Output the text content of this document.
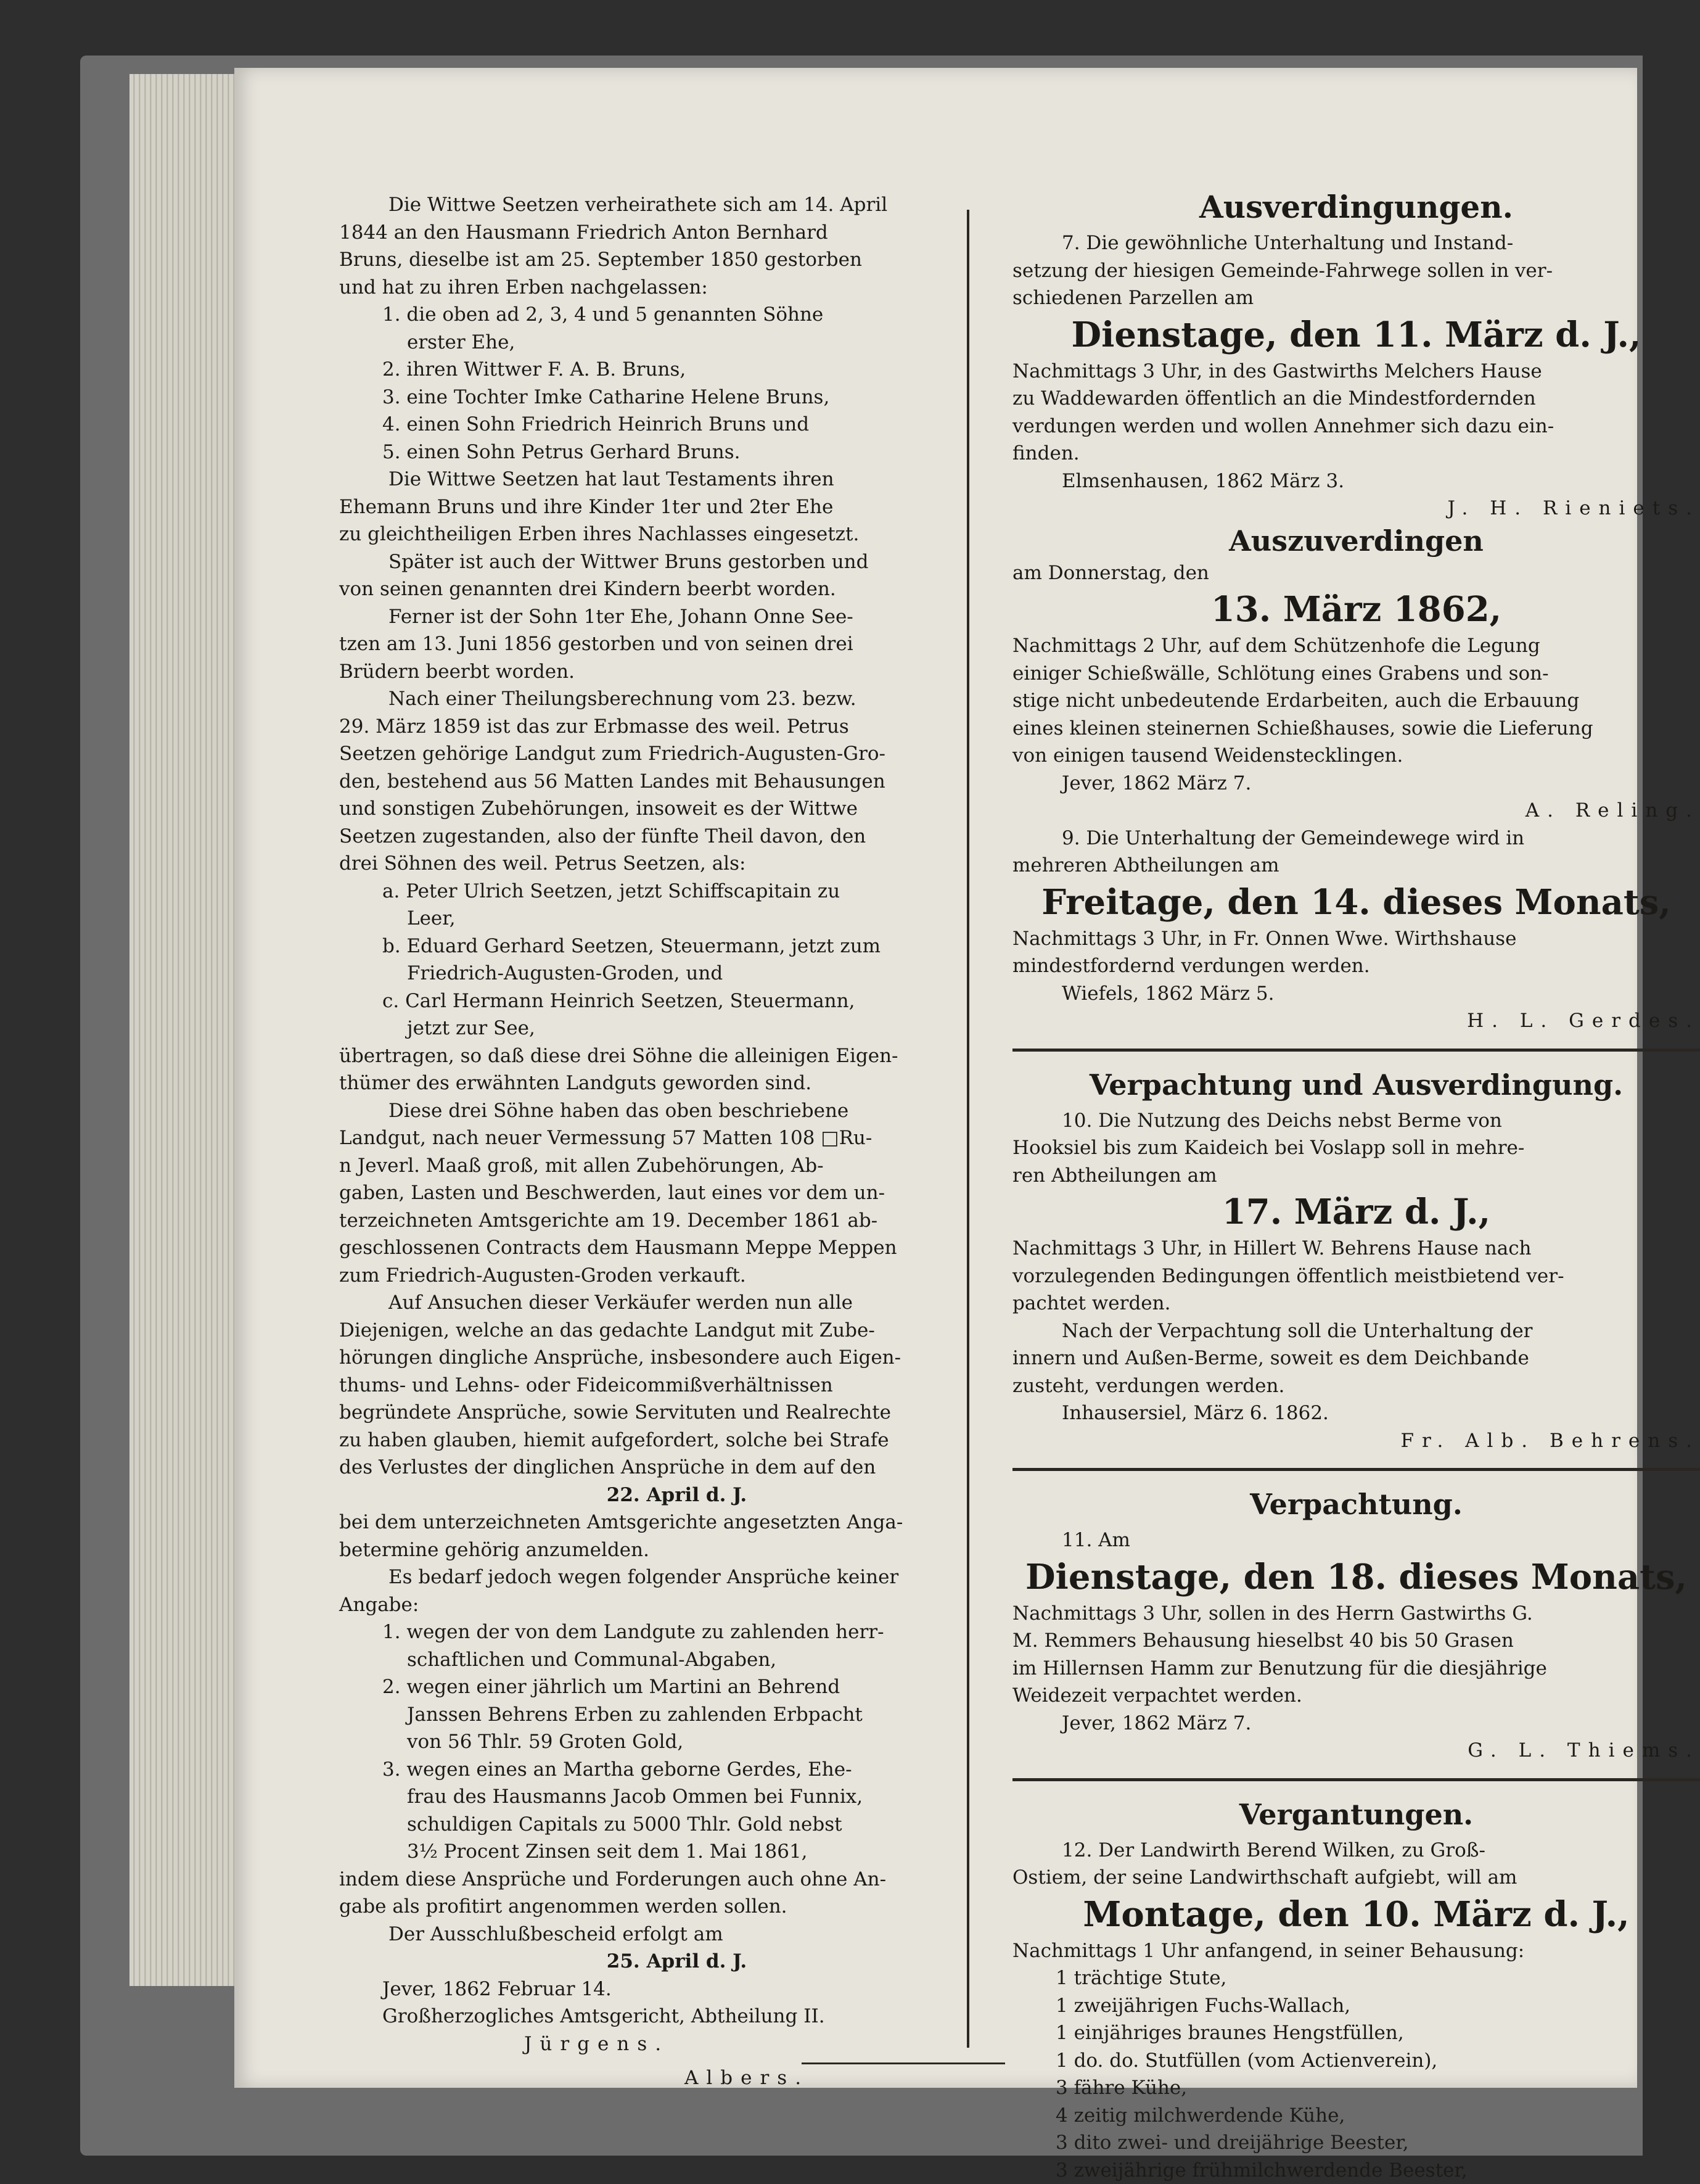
Die Wittwe Seetzen verheirathete sich am 14. April
1844 an den Hausmann Friedrich Anton Bernhard
Bruns, dieselbe ist am 25. September 1850 gestorben
und hat zu ihren Erben nachgelassen:
1. die oben ad 2, 3, 4 und 5 genannten Söhne
erster Ehe,
2. ihren Wittwer F. A. B. Bruns,
3. eine Tochter Imke Catharine Helene Bruns,
4. einen Sohn Friedrich Heinrich Bruns und
5. einen Sohn Petrus Gerhard Bruns.
Die Wittwe Seetzen hat laut Testaments ihren
Ehemann Bruns und ihre Kinder 1ter und 2ter Ehe
zu gleichtheiligen Erben ihres Nachlasses eingesetzt.
Später ist auch der Wittwer Bruns gestorben und
von seinen genannten drei Kindern beerbt worden.
Ferner ist der Sohn 1ter Ehe, Johann Onne See-
tzen am 13. Juni 1856 gestorben und von seinen drei
Brüdern beerbt worden.
Nach einer Theilungsberechnung vom 23. bezw.
29. März 1859 ist das zur Erbmasse des weil. Petrus
Seetzen gehörige Landgut zum Friedrich-Augusten-Gro-
den, bestehend aus 56 Matten Landes mit Behausungen
und sonstigen Zubehörungen, insoweit es der Wittwe
Seetzen zugestanden, also der fünfte Theil davon, den
drei Söhnen des weil. Petrus Seetzen, als:
a. Peter Ulrich Seetzen, jetzt Schiffscapitain zu
Leer,
b. Eduard Gerhard Seetzen, Steuermann, jetzt zum
Friedrich-Augusten-Groden, und
c. Carl Hermann Heinrich Seetzen, Steuermann,
jetzt zur See,
übertragen, so daß diese drei Söhne die alleinigen Eigen-
thümer des erwähnten Landguts geworden sind.
Diese drei Söhne haben das oben beschriebene
Landgut, nach neuer Vermessung 57 Matten 108 □Ru-
n Jeverl. Maaß groß, mit allen Zubehörungen, Ab-
gaben, Lasten und Beschwerden, laut eines vor dem un-
terzeichneten Amtsgerichte am 19. December 1861 ab-
geschlossenen Contracts dem Hausmann Meppe Meppen
zum Friedrich-Augusten-Groden verkauft.
Auf Ansuchen dieser Verkäufer werden nun alle
Diejenigen, welche an das gedachte Landgut mit Zube-
hörungen dingliche Ansprüche, insbesondere auch Eigen-
thums- und Lehns- oder Fideicommißverhältnissen
begründete Ansprüche, sowie Servituten und Realrechte
zu haben glauben, hiemit aufgefordert, solche bei Strafe
des Verlustes der dinglichen Ansprüche in dem auf den
22. April d. J.
bei dem unterzeichneten Amtsgerichte angesetzten Anga-
betermine gehörig anzumelden.
Es bedarf jedoch wegen folgender Ansprüche keiner
Angabe:
1. wegen der von dem Landgute zu zahlenden herr-
schaftlichen und Communal-Abgaben,
2. wegen einer jährlich um Martini an Behrend
Janssen Behrens Erben zu zahlenden Erbpacht
von 56 Thlr. 59 Groten Gold,
3. wegen eines an Martha geborne Gerdes, Ehe-
frau des Hausmanns Jacob Ommen bei Funnix,
schuldigen Capitals zu 5000 Thlr. Gold nebst
3½ Procent Zinsen seit dem 1. Mai 1861,
indem diese Ansprüche und Forderungen auch ohne An-
gabe als profitirt angenommen werden sollen.
Der Ausschlußbescheid erfolgt am
25. April d. J.
Jever, 1862 Februar 14.
Großherzogliches Amtsgericht, Abtheilung II.
Jürgens.
Albers.
Ausverdingungen.
7. Die gewöhnliche Unterhaltung und Instand-
setzung der hiesigen Gemeinde-Fahrwege sollen in ver-
schiedenen Parzellen am
Dienstage, den 11. März d. J.,
Nachmittags 3 Uhr, in des Gastwirths Melchers Hause
zu Waddewarden öffentlich an die Mindestfordernden
verdungen werden und wollen Annehmer sich dazu ein-
finden.
Elmsenhausen, 1862 März 3.
J. H. Rieniets.
Auszuverdingen
am Donnerstag, den
13. März 1862,
Nachmittags 2 Uhr, auf dem Schützenhofe die Legung
einiger Schießwälle, Schlötung eines Grabens und son-
stige nicht unbedeutende Erdarbeiten, auch die Erbauung
eines kleinen steinernen Schießhauses, sowie die Lieferung
von einigen tausend Weidenstecklingen.
Jever, 1862 März 7.
A. Reling.
9. Die Unterhaltung der Gemeindewege wird in
mehreren Abtheilungen am
Freitage, den 14. dieses Monats,
Nachmittags 3 Uhr, in Fr. Onnen Wwe. Wirthshause
mindestfordernd verdungen werden.
Wiefels, 1862 März 5.
H. L. Gerdes.
Verpachtung und Ausverdingung.
10. Die Nutzung des Deichs nebst Berme von
Hooksiel bis zum Kaideich bei Voslapp soll in mehre-
ren Abtheilungen am
17. März d. J.,
Nachmittags 3 Uhr, in Hillert W. Behrens Hause nach
vorzulegenden Bedingungen öffentlich meistbietend ver-
pachtet werden.
Nach der Verpachtung soll die Unterhaltung der
innern und Außen-Berme, soweit es dem Deichbande
zusteht, verdungen werden.
Inhausersiel, März 6. 1862.
Fr. Alb. Behrens.
Verpachtung.
11. Am
Dienstage, den 18. dieses Monats,
Nachmittags 3 Uhr, sollen in des Herrn Gastwirths G.
M. Remmers Behausung hieselbst 40 bis 50 Grasen
im Hillernsen Hamm zur Benutzung für die diesjährige
Weidezeit verpachtet werden.
Jever, 1862 März 7.
G. L. Thiems.
Vergantungen.
12. Der Landwirth Berend Wilken, zu Groß-
Ostiem, der seine Landwirthschaft aufgiebt, will am
Montage, den 10. März d. J.,
Nachmittags 1 Uhr anfangend, in seiner Behausung:
1 trächtige Stute,
1 zweijährigen Fuchs-Wallach,
1 einjähriges braunes Hengstfüllen,
1 do. do. Stutfüllen (vom Actienverein),
3 fähre Kühe,
4 zeitig milchwerdende Kühe,
3 dito zwei- und dreijährige Beester,
3 zweijährige frühmilchwerdende Beester,
